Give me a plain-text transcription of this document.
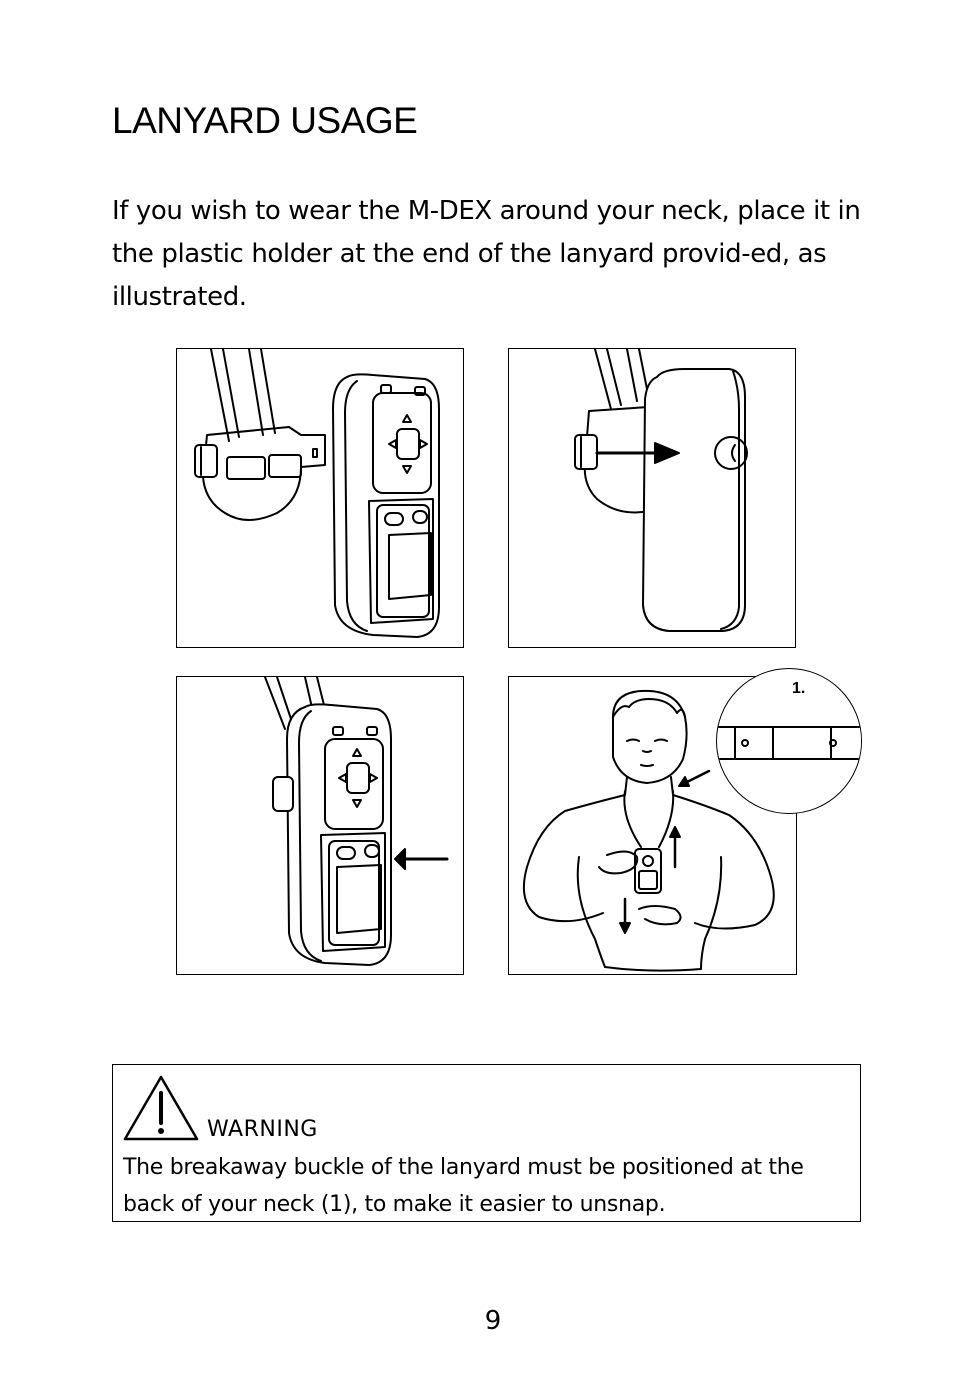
LANYARD USAGE

If you wish to wear the M-DEX around your neck, place it in the plastic holder at the end of the lanyard provid-ed, as illustrated.

1.
WARNING

The breakaway buckle of the lanyard must be positioned at the back of your neck (1), to make it easier to unsnap.

9
